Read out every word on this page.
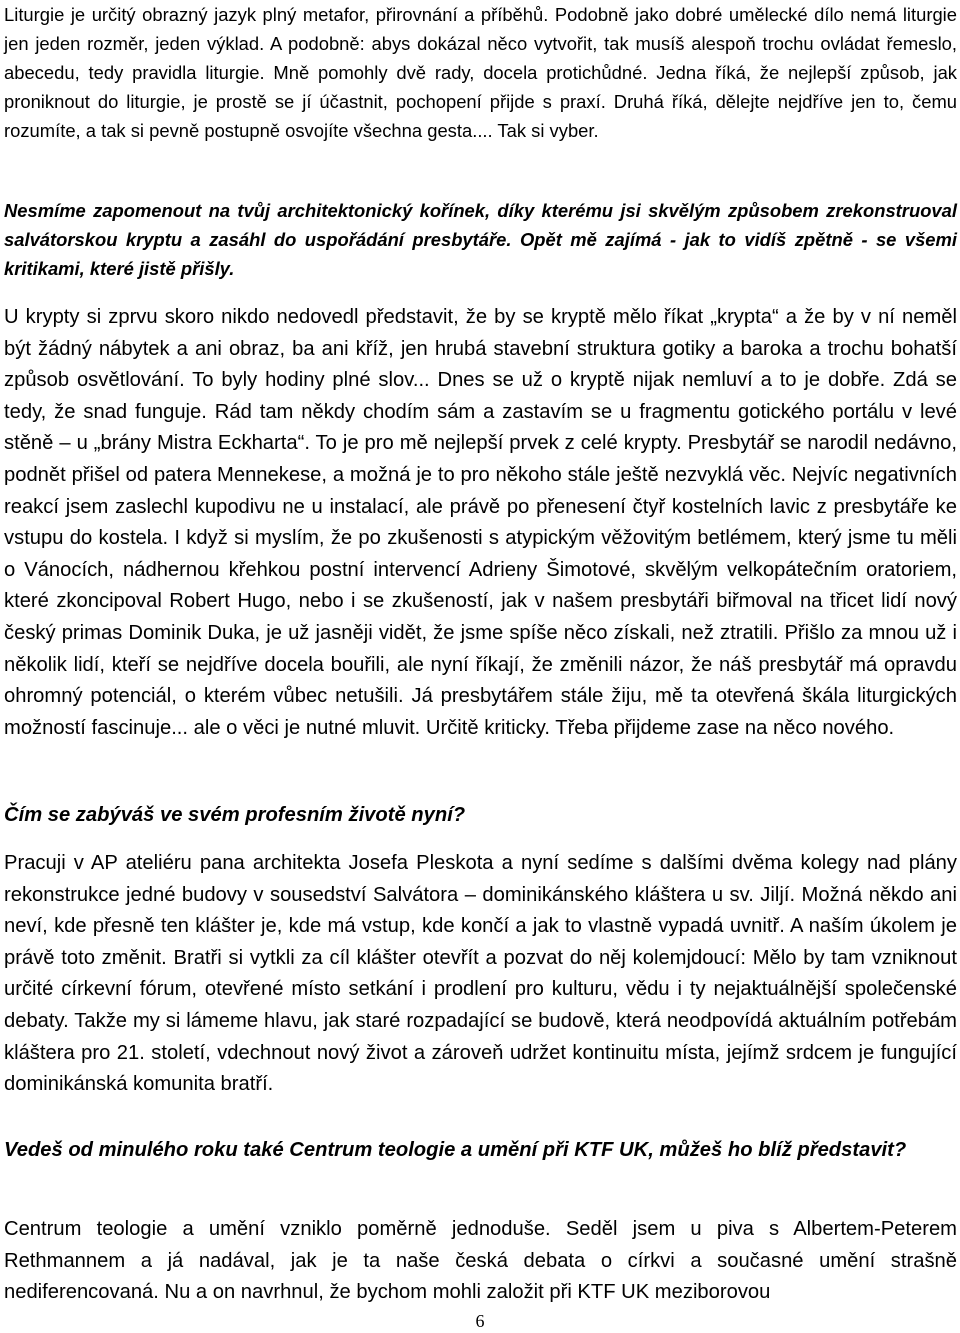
Liturgie je určitý obrazný jazyk plný metafor, přirovnání a příběhů. Podobně jako dobré umělecké dílo nemá liturgie jen jeden rozměr, jeden výklad. A podobně: abys dokázal něco vytvořit, tak musíš alespoň trochu ovládat řemeslo, abecedu, tedy pravidla liturgie. Mně pomohly dvě rady, docela protichůdné. Jedna říká, že nejlepší způsob, jak proniknout do liturgie, je prostě se jí účastnit, pochopení přijde s praxí. Druhá říká, dělejte nejdříve jen to, čemu rozumíte, a tak si pevně postupně osvojíte všechna gesta.... Tak si vyber.

Nesmíme zapomenout na tvůj architektonický kořínek, díky kterému jsi skvělým způsobem zrekonstruoval salvátorskou kryptu a zasáhl do uspořádání presbytáře. Opět mě zajímá - jak to vidíš zpětně - se všemi kritikami, které jistě přišly.

U krypty si zprvu skoro nikdo nedovedl představit, že by se kryptě mělo říkat „krypta“ a že by v ní neměl být žádný nábytek a ani obraz, ba ani kříž, jen hrubá stavební struktura gotiky a baroka a trochu bohatší způsob osvětlování. To byly hodiny plné slov... Dnes se už o kryptě nijak nemluví a to je dobře. Zdá se tedy, že snad funguje. Rád tam někdy chodím sám a zastavím se u fragmentu gotického portálu v levé stěně – u „brány Mistra Eckharta“. To je pro mě nejlepší prvek z celé krypty. Presbytář se narodil nedávno, podnět přišel od patera Mennekese, a možná je to pro někoho stále ještě nezvyklá věc. Nejvíc negativních reakcí jsem zaslechl kupodivu ne u instalací, ale právě po přenesení čtyř kostelních lavic z presbytáře ke vstupu do kostela. I když si myslím, že po zkušenosti s atypickým věžovitým betlémem, který jsme tu měli o Vánocích, nádhernou křehkou postní intervencí Adrieny Šimotové, skvělým velkopátečním oratoriem, které zkoncipoval Robert Hugo, nebo i se zkušeností, jak v našem presbytáři biřmoval na třicet lidí nový český primas Dominik Duka, je už jasněji vidět, že jsme spíše něco získali, než ztratili. Přišlo za mnou už i několik lidí, kteří se nejdříve docela bouřili, ale nyní říkají, že změnili názor, že náš presbytář má opravdu ohromný potenciál, o kterém vůbec netušili. Já presbytářem stále žiju, mě ta otevřená škála liturgických možností fascinuje... ale o věci je nutné mluvit. Určitě kriticky. Třeba přijdeme zase na něco nového.

Čím se zabýváš ve svém profesním životě nyní?

Pracuji v AP ateliéru pana architekta Josefa Pleskota a nyní sedíme s dalšími dvěma kolegy nad plány rekonstrukce jedné budovy v sousedství Salvátora – dominikánského kláštera u sv. Jiljí. Možná někdo ani neví, kde přesně ten klášter je, kde má vstup, kde končí a jak to vlastně vypadá uvnitř. A naším úkolem je právě toto změnit. Bratři si vytkli za cíl klášter otevřít a pozvat do něj kolemjdoucí: Mělo by tam vzniknout určité církevní fórum, otevřené místo setkání i prodlení pro kulturu, vědu i ty nejaktuálnější společenské debaty. Takže my si lámeme hlavu, jak staré rozpadající se budově, která neodpovídá aktuálním potřebám kláštera pro 21. století, vdechnout nový život a zároveň udržet kontinuitu místa, jejímž srdcem je fungující dominikánská komunita bratří.

Vedeš od minulého roku také Centrum teologie a umění při KTF UK, můžeš ho blíž představit?

Centrum teologie a umění vzniklo poměrně jednoduše. Seděl jsem u piva s Albertem-Peterem Rethmannem a já nadával, jak je ta naše česká debata o církvi a současné umění strašně nediferencovaná. Nu a on navrhnul, že bychom mohli založit při KTF UK meziborovou

6
